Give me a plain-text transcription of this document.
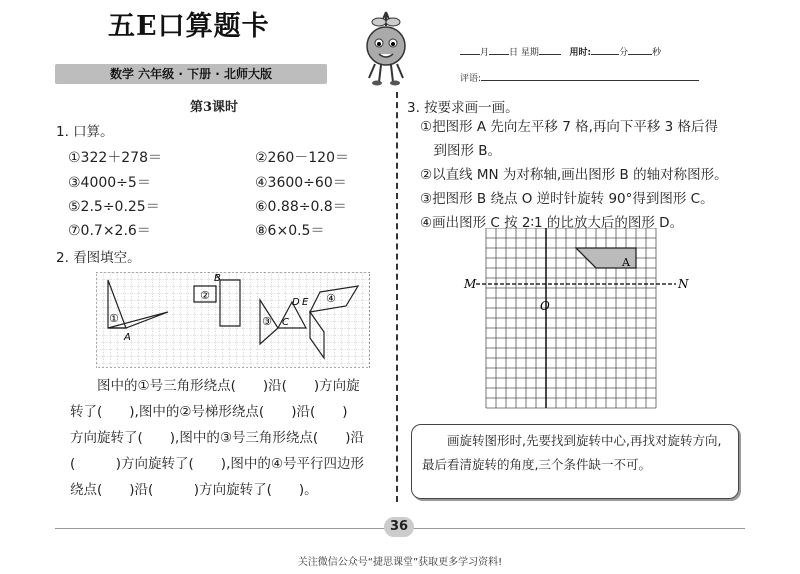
五E口算题卡
数学 六年级 · 下册 · 北师大版
月 日 星期	用时:	分	秒
评语:
第3课时
1. 口算。
①322＋278＝	②260－120＝
③4000÷5＝	④3600÷60＝
⑤2.5÷0.25＝	⑥0.88÷0.8＝
⑦0.7×2.6＝	⑧6×0.5＝
2. 看图填空。
①
A
②
B
③ C
④
D E
　　图中的①号三角形绕点(　　)沿(　　)方向旋
转了(　　),图中的②号梯形绕点(　　)沿(　　)
方向旋转了(　　),图中的③号三角形绕点(　　)沿
(　　　)方向旋转了(　　),图中的④号平行四边形
绕点(　　)沿(　　　)方向旋转了(　　)。
3. 按要求画一画。
①把图形 A 先向左平移 7 格,再向下平移 3 格后得
　到图形 B。
②以直线 MN 为对称轴,画出图形 B 的轴对称图形。
③把图形 B 绕点 O 逆时针旋转 90°得到图形 C。
④画出图形 C 按 2∶1 的比放大后的图形 D。
A
O
M	N
画旋转图形时,先要找到旋转中心,再找对旋转方向,最后看清旋转的角度,三个条件缺一不可。
36
关注微信公众号“捷思课堂”获取更多学习资料!
